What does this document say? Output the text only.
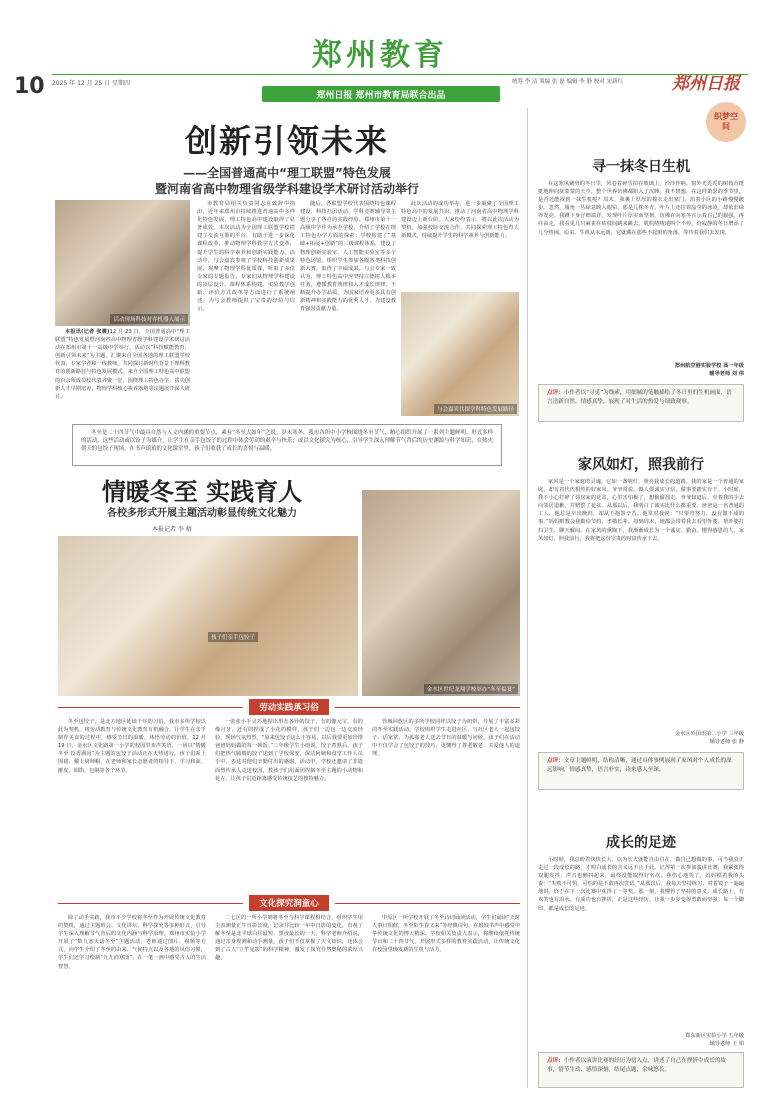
10
郑州教育
2025 年 12 月 25 日 星期四	统筹 李 洁 策编 张 磊 编辑 李 静 校对 宋新红	郑州日报
郑州日报 郑州市教育局联合出品
创新引领未来
——全国普通高中“理工联盟”特色发展
暨河南省高中物理省级学科建设学术研讨活动举行
活动现场科技对弈机器人展示

本报讯(记者 张震)12 月 23 日，全国普通高中“理工联盟”特色发展暨河南省高中物理省级学科建设学术研讨活动在郑州市第十一高级中学举行。活动以“科技赋能教育，创新引领未来”为主题，汇聚来自全国各地的理工联盟学校代表、专家学者和一线教师，共同探讨新时代背景下理科教育的创新路径与特色发展模式。来自全国理工特色高中联盟的百余所成员校代表齐聚一堂，围绕理工特色办学、拔尖创新人才早期培养、物理学科核心素养落地等议题展开深入研讨。

市教育局相关负责同志在致辞中指出，近年来郑州市持续推进普通高中多样化特色发展，理工特色高中建设取得了显著成效。本次活动为全国理工联盟学校搭建了交流互鉴的平台，有助于进一步深化课程改革，推动物理学科教学方式变革，提升学生的科学素养和创新实践能力。活动中，与会嘉宾参观了学校科技创新成果展，观摩了物理学科优质课，听取了多位专家的专题报告。专家们从物理学科建设的顶层设计、课程体系构建、实验教学创新、评价方式改革等方面进行了系统阐述，为与会教师提供了宝贵的经验与启示。

随后，各联盟学校代表围绕特色课程建设、科技社团活动、学科竞赛辅导等主题分享了各自的实践经验。郑州市第十一高级中学作为承办学校，介绍了学校在理工特色办学方面的探索：学校构建了“基础+拓展+创新”的三级课程体系，建设了物理创新实验室、人工智能实验室等多个特色场馆，组织学生参加各级各类科技创新大赛，取得了丰硕成果。与会专家一致认为，理工特色高中应坚持立德树人根本任务，遵循教育规律和人才成长规律，不断提升办学品质，为国家培养更多具有创新精神和实践能力的优秀人才，为建设教育强国贡献力量。

此次活动的成功举办，进一步凝聚了全国理工特色高中的发展共识，推动了河南省高中物理学科建设迈上新台阶。大家纷纷表示，将以此次活动为契机，加强校际交流合作，共同探索理工特色育人新模式，持续提升学生的科学素养与创新能力。

与会嘉宾共探学科特色发展路径
冬至是二十四节气中最具自然与人文内涵的重要节点，素有“冬至大如年”之说。岁末寒冬，我市各所中小学校围绕冬至节气，精心组织开展了一系列主题鲜明、形式多样的活动。这些活动或以饺子为媒介，让学生在亲手包饺子的过程中体会劳动的艰辛与快乐；或以文化探究为核心，引导学生深入理解节气背后的历史渊源与科学知识，在热火朝天的包饺子现场，在书声琅琅的文化课堂里，孩子们收获了成长的喜悦与温暖。
情暖冬至 实践育人
各校多形式开展主题活动彰显传统文化魅力
本报记者 李 榕
孩子们亲手包饺子
金水区世纪龙翔学校举办“冬至福宴”
劳动实践承习俗

冬至包饺子，是北方地区延续千年的习俗。我市多所学校以此为契机，将劳动教育与传统文化教育有机融合，让学生在亲手制作美食的过程中，感受节日的温暖，体悟劳动的价值。12 月 19 日，金水区文化路第一小学的校园里欢声笑语，一场以“情暖冬至 饺香满园”为主题的包饺子活动正在火热进行。孩子们系上围裙、戴上厨师帽，在老师和家长志愿者的指导下，学习和面、擀皮、调馅、包制等各个环节。

一张张小手灵巧地捏出形态各异的饺子，有的像元宝，有的像月牙，还有的捏成了小花的模样。孩子们一边包一边交流经验，现场气氛热烈。“原来包饺子这么不容易，以后我要更加珍惜爸爸妈妈做的每一顿饭。”三年级学生小雨说。饺子煮熟后，孩子们把热气腾腾的饺子送到了学校保安、保洁阿姨和食堂工作人员手中，表达对他们辛勤付出的感谢。活动中，学校还邀请了非遗面塑传承人走进校园，教孩子们用面团捏制冬至主题的小动物和花卉，让孩子们近距离感受传统技艺的独特魅力。

管城回族区的多所学校同样以饺子为纽带，开展了丰富多彩的冬至实践活动。学校组织学生走进社区，与社区老人一起包饺子、话家常，为孤寡老人送去节日的温暖与问候。孩子们在活动中不仅学会了包饺子的技巧，更懂得了尊老敬老、关爱他人的道理。

文化探究润童心

除了动手实践，我市不少学校将冬至作为开展传统文化教育的契机，通过主题班会、文化讲坛、科学探究等多种形式，引导学生深入理解节气背后的文化内涵与科学原理。郑州市实验小学开展了“数九寒天话冬至”主题活动，老师通过图片、视频等方式，向学生介绍了冬至的由来、气候特点以及各地的风俗习惯，学生们还学习绘制“九九消寒图”，在一笔一画中感受古人的生活智慧。

二七区的一所小学则将冬至与科学课程相结合，组织学生用圭表测量正午日影长度，记录并比较一年中日影的变化，直观了解冬至是北半球白昼最短、黑夜最长的一天。科学老师介绍说，通过亲身观测和动手测量，孩子们不仅掌握了天文知识，还体会到了古人“立竿见影”的科学精神，激发了探究自然奥秘的浓厚兴趣。

中原区一所学校开展了冬至诗词诵读活动，学生们诵读“天时人事日相催，冬至阳生春又来”等经典诗句，在琅琅书声中感受中华传统文化的博大精深。学校相关负责人表示，将继续依托传统节日和二十四节气，开展形式多样的教育实践活动，让传统文化在校园里焕发新的生机与活力。

织梦空间
寻一抹冬日生机

在这寒风刺骨的冬日里，风卷着碎雪拍在玻璃上，沙沙作响。窗外光秃秃的树枝直挺挺地伸向灰蒙蒙的天空，整个世界仿佛都陷入了沉睡。我不禁想，在这样萧瑟的季节里，是否还能找到一抹生机呢？周末，我裹上厚厚的棉衣走出家门，沿着小区的小路慢慢踱步。忽然，墙角一丛绿意映入眼帘，那是几株冬青，叶片上还挂着晶莹的冰凌，却依旧绿得发亮。我蹲下身仔细端详，发现叶片厚实而坚韧，仿佛在向寒冬宣示着自己的倔强。再往前走，我看见几只麻雀在枯枝间跳来跳去，叽叽喳喳地叫个不停，给寂静的冬日增添了几分热闹。原来，生机从未远离，它就藏在那些不起眼的角落，等待着我们去发现。

郑州航空港实验学校 高一年级
辅导老师 刘 伟
点评：小作者以“寻觅”为线索，用细腻的笔触描绘了冬日里的生机画面，语言清新自然，情感真挚，展现了对生活的热爱与细致观察。
家风如灯，照我前行

家风是一个家庭的灵魂，它如一盏明灯，照亮我成长的道路。我的家是一个普通的家庭，却有着代代相传的好家风。爷爷常说，做人要诚实守信，做事要踏实肯干。小时候，我不小心打碎了邻居家的花盆，心里害怕极了，想偷偷溜走。爷爷知道后，牵着我的手去向邻居道歉，并赔偿了花盆。从那以后，我明白了诚实比什么都重要。爸爸是一名普通的工人，他总是早出晚归，却从不抱怨辛苦。他常对我说：“只要肯努力，没有做不成的事。”妈妈则教会我勤俭节约、孝敬长辈。每到周末，她都会带着我去看望外婆，帮外婆打扫卫生、聊天解闷。在家风的熏陶下，我渐渐成长为一个诚实、勤奋、懂得感恩的人。家风如灯，照我前行，我将把这份宝贵的财富传承下去。

金水区外国语第二小学 三年级
辅导老师 张 静
点评：文章主题鲜明，结构清晰，通过具体事例展现了家风对个人成长的深远影响，情感真挚，语言朴实，读来感人至深。
成长的足迹

小时候，我总盼着快快长大，以为长大就能自由自在，做自己想做的事。可当我真正走过一段成长的路，才明白成长的含义远不止于此。记得第一次参加演讲比赛，我紧张得双腿发抖，声音也颤抖起来，最终没能取得好名次。我伤心地哭了，妈妈摸着我的头说：“失败不可怕，可怕的是不敢再次尝试。”从那以后，我每天坚持练习，对着镜子一遍遍地讲，终于在下一次比赛中获得了一等奖。那一刻，我懂得了坚持的意义。成长路上，有欢笑也有泪水，有成功也有挫折，正是这些经历，让我一步步变得勇敢而坚强。每一个脚印，都是成长的足迹。

郑东新区实验小学 五年级
辅导老师 王 娟
点评：小作者以演讲比赛的经历为切入点，讲述了自己在挫折中成长的故事，情节生动，感悟深刻，结尾点题，余味悠长。
